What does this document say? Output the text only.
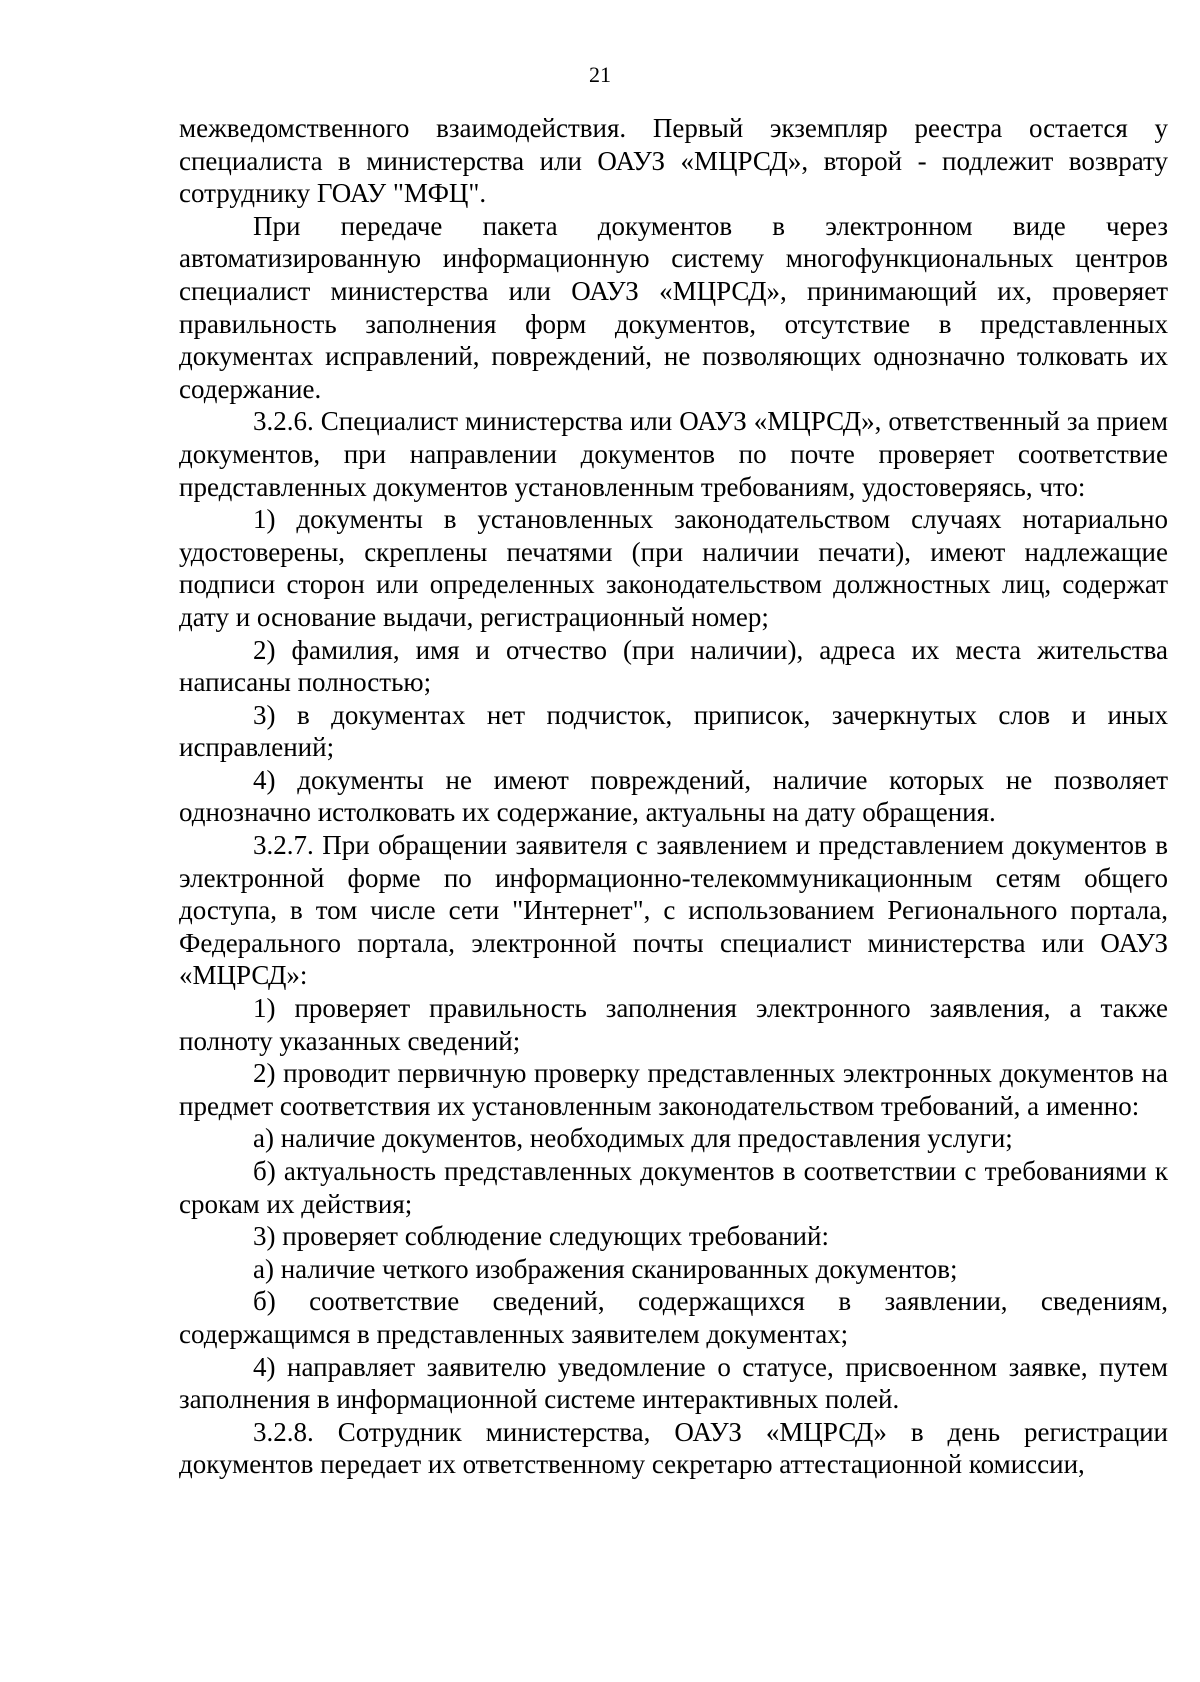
21

межведомственного взаимодействия. Первый экземпляр реестра остается у специалиста в министерства или ОАУЗ «МЦРСД», второй - подлежит возврату сотруднику ГОАУ "МФЦ".

При передаче пакета документов в электронном виде через автоматизированную информационную систему многофункциональных центров специалист министерства или ОАУЗ «МЦРСД», принимающий их, проверяет правильность заполнения форм документов, отсутствие в представленных документах исправлений, повреждений, не позволяющих однозначно толковать их содержание.

3.2.6. Специалист министерства или ОАУЗ «МЦРСД», ответственный за прием документов, при направлении документов по почте проверяет соответствие представленных документов установленным требованиям, удостоверяясь, что:

1) документы в установленных законодательством случаях нотариально удостоверены, скреплены печатями (при наличии печати), имеют надлежащие подписи сторон или определенных законодательством должностных лиц, содержат дату и основание выдачи, регистрационный номер;

2) фамилия, имя и отчество (при наличии), адреса их места жительства написаны полностью;

3) в документах нет подчисток, приписок, зачеркнутых слов и иных исправлений;

4) документы не имеют повреждений, наличие которых не позволяет однозначно истолковать их содержание, актуальны на дату обращения.

3.2.7. При обращении заявителя с заявлением и представлением документов в электронной форме по информационно-телекоммуникационным сетям общего доступа, в том числе сети "Интернет", с использованием Регионального портала, Федерального портала, электронной почты специалист министерства или ОАУЗ «МЦРСД»:

1) проверяет правильность заполнения электронного заявления, а также полноту указанных сведений;

2) проводит первичную проверку представленных электронных документов на предмет соответствия их установленным законодательством требований, а именно:

а) наличие документов, необходимых для предоставления услуги;

б) актуальность представленных документов в соответствии с требованиями к срокам их действия;

3) проверяет соблюдение следующих требований:

а) наличие четкого изображения сканированных документов;

б) соответствие сведений, содержащихся в заявлении, сведениям, содержащимся в представленных заявителем документах;

4) направляет заявителю уведомление о статусе, присвоенном заявке, путем заполнения в информационной системе интерактивных полей.

3.2.8. Сотрудник министерства, ОАУЗ «МЦРСД» в день регистрации документов передает их ответственному секретарю аттестационной комиссии,
